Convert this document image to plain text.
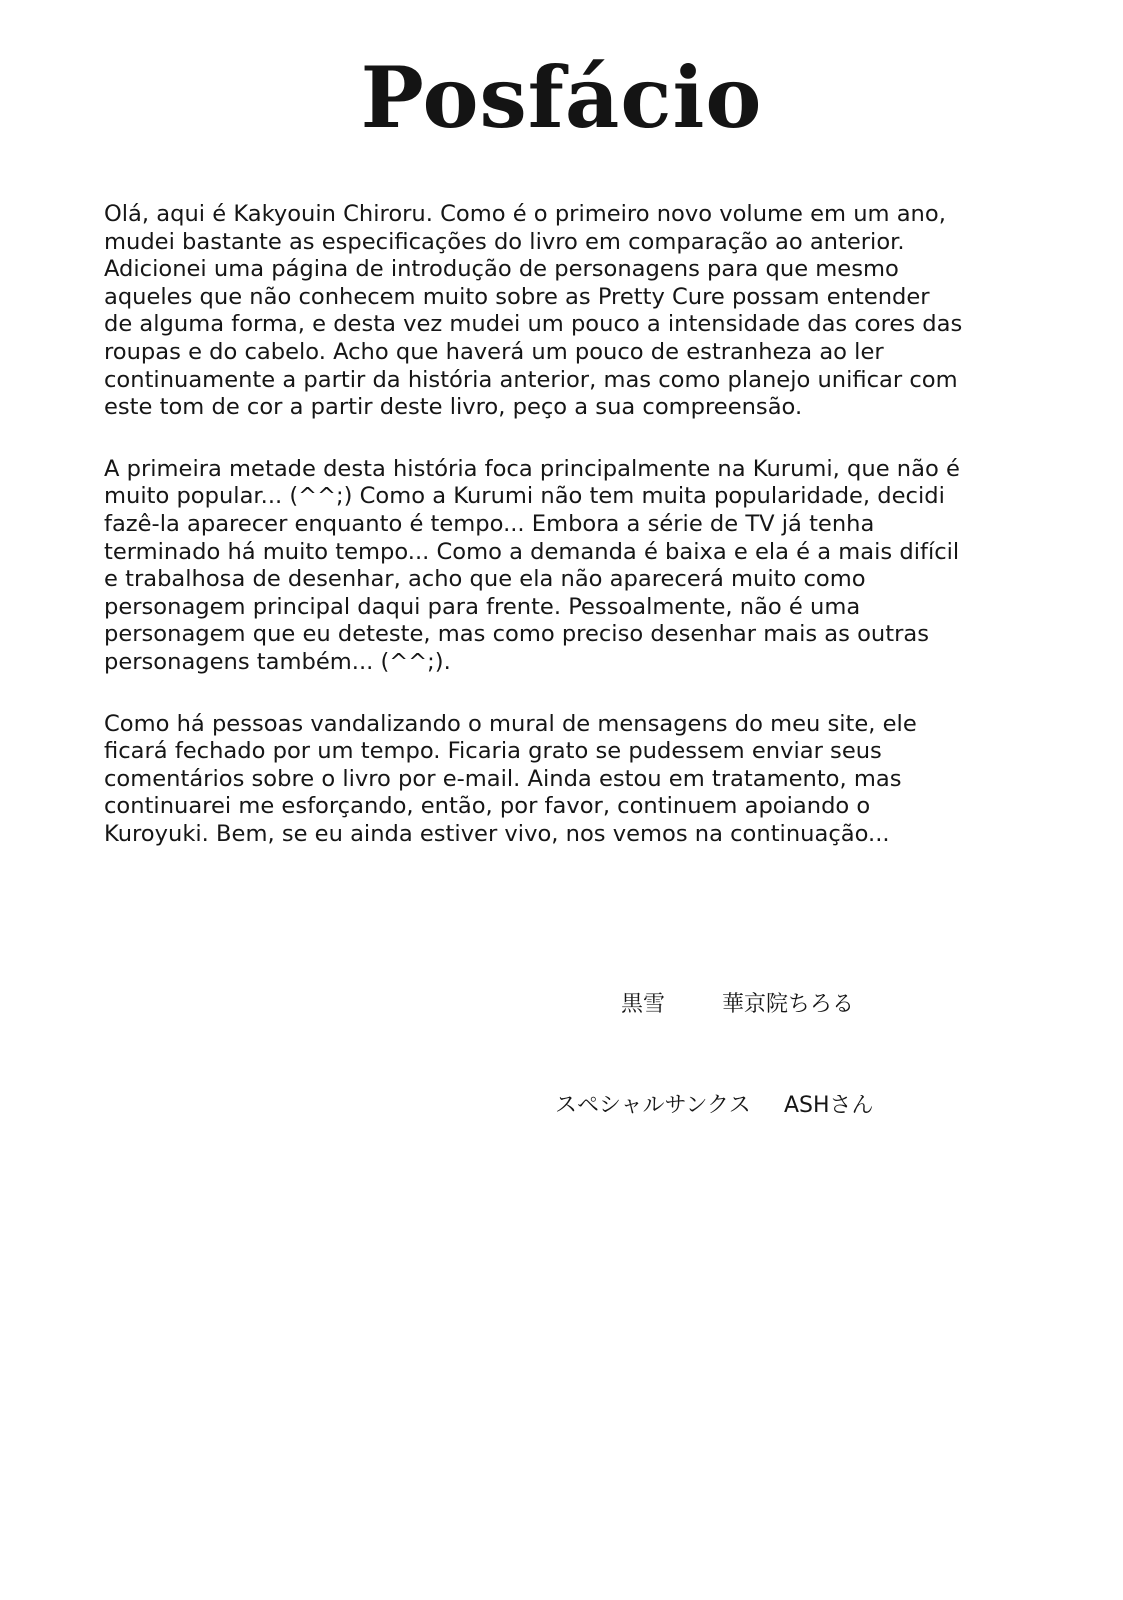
Posfácio

Olá, aqui é Kakyouin Chiroru. Como é o primeiro novo volume em um ano,
mudei bastante as especificações do livro em comparação ao anterior.
Adicionei uma página de introdução de personagens para que mesmo
aqueles que não conhecem muito sobre as Pretty Cure possam entender
de alguma forma, e desta vez mudei um pouco a intensidade das cores das
roupas e do cabelo. Acho que haverá um pouco de estranheza ao ler
continuamente a partir da história anterior, mas como planejo unificar com
este tom de cor a partir deste livro, peço a sua compreensão.

A primeira metade desta história foca principalmente na Kurumi, que não é
muito popular... (^^;) Como a Kurumi não tem muita popularidade, decidi
fazê-la aparecer enquanto é tempo... Embora a série de TV já tenha
terminado há muito tempo... Como a demanda é baixa e ela é a mais difícil
e trabalhosa de desenhar, acho que ela não aparecerá muito como
personagem principal daqui para frente. Pessoalmente, não é uma
personagem que eu deteste, mas como preciso desenhar mais as outras
personagens também... (^^;).

Como há pessoas vandalizando o mural de mensagens do meu site, ele
ficará fechado por um tempo. Ficaria grato se pudessem enviar seus
comentários sobre o livro por e-mail. Ainda estou em tratamento, mas
continuarei me esforçando, então, por favor, continuem apoiando o
Kuroyuki. Bem, se eu ainda estiver vivo, nos vemos na continuação...

黒雪	華京院ちろる
スペシャルサンクス ASHさん
